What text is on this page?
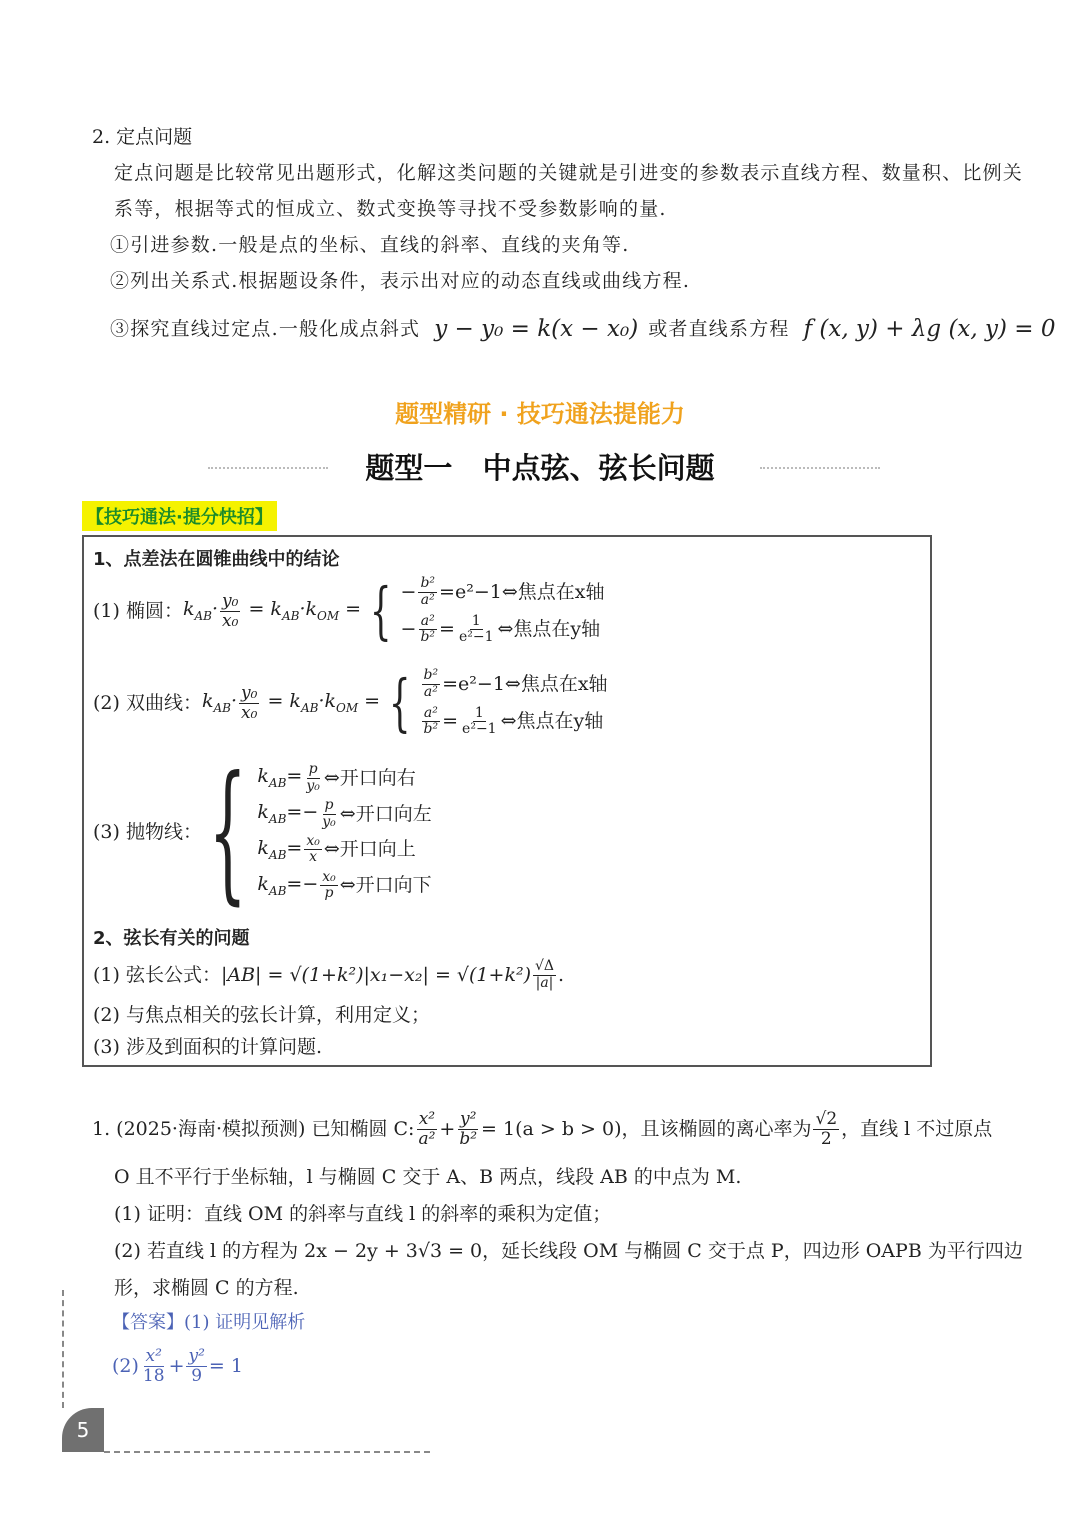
2. 定点问题
定点问题是比较常见出题形式，化解这类问题的关键就是引进变的参数表示直线方程、数量积、比例关
系等，根据等式的恒成立、数式变换等寻找不受参数影响的量.
①引进参数.一般是点的坐标、直线的斜率、直线的夹角等.
②列出关系式.根据题设条件，表示出对应的动态直线或曲线方程.
③探究直线过定点.一般化成点斜式 y − y₀ = k(x − x₀) 或者直线系方程 f (x, y) + λg (x, y) = 0
题型精研 · 技巧通法提能力
题型一   中点弦、弦长问题
【技巧通法·提分快招】
1、点差法在圆锥曲线中的结论
(1) 椭圆： $k_{AB}\cdot \frac{\text{y₀}}{\text{x₀}} = k_{AB}\cdot k_{OM}$ = { − $\frac{\text{b²}}{\text{a²}}$ =e²−1⇔焦点在x轴
− $\frac{\text{a²}}{\text{b²}} = \frac{1}{\text{e²−1}}$ ⇔焦点在y轴
(2) 双曲线： $k_{AB}\cdot \frac{\text{y₀}}{\text{x₀}} = k_{AB}\cdot k_{OM}$ = { $\frac{\text{b²}}{\text{a²}}$ =e²−1⇔焦点在x轴
$\frac{\text{a²}}{\text{b²}} = \frac{1}{\text{e²−1}}$ ⇔焦点在y轴
(3) 抛物线： { $k_{AB}= \frac{p}{\text{y₀}}$ ⇔开口向右
$k_{AB}=- \frac{p}{\text{y₀}}$ ⇔开口向左
$k_{AB}= \frac{\text{x₀}}{x}$ ⇔开口向上
$k_{AB}=- \frac{\text{x₀}}{p}$ ⇔开口向下
2、弦长有关的问题
(1) 弦长公式： $|AB| = √(1+k^2)|x_1-x_2| = √(1+k^2) \frac{√\Delta}{|a|}$ .
(2) 与焦点相关的弦长计算，利用定义；
(3) 涉及到面积的计算问题.
1. (2025·海南·模拟预测) 已知椭圆 C: $\frac{\text{x²}}{\text{a²}} + \frac{\text{y²}}{\text{b²}} = 1(a > b > 0)$，且该椭圆的离心率为 $\frac{√2}{2}$ ，直线 l 不过原点
O 且不平行于坐标轴，l 与椭圆 C 交于 A、B 两点，线段 AB 的中点为 M.
(1) 证明：直线 OM 的斜率与直线 l 的斜率的乘积为定值；
(2) 若直线 l 的方程为 2x − 2y + 3√3 = 0，延长线段 OM 与椭圆 C 交于点 P，四边形 OAPB 为平行四边
形，求椭圆 C 的方程.
【答案】(1) 证明见解析
$(2) \frac{\text{x²}}{18} + \frac{\text{y²}}{9} = 1$
5
